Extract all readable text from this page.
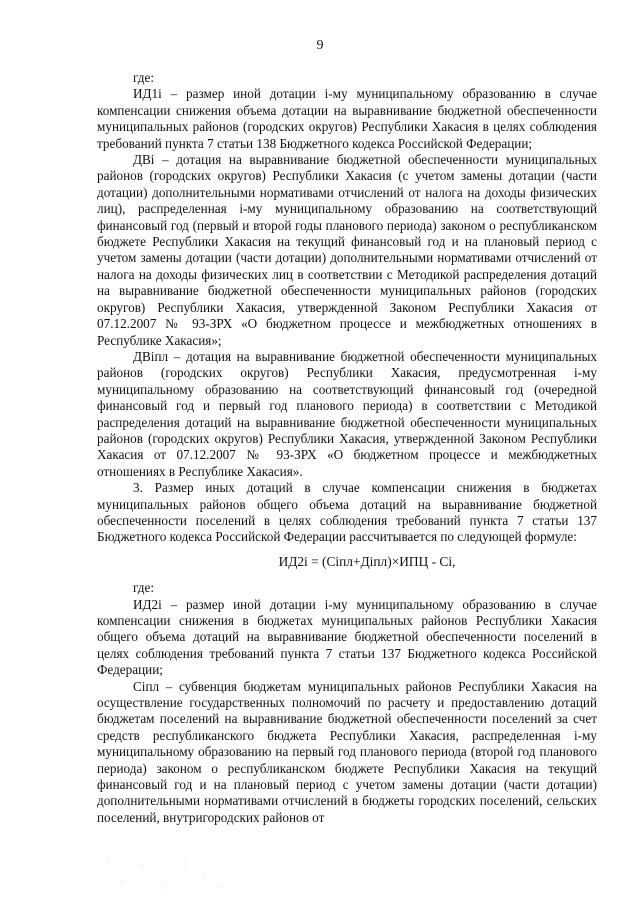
9

где:

ИД1i – размер иной дотации i-му муниципальному образованию в случае компенсации снижения объема дотации на выравнивание бюджетной обеспеченности муниципальных районов (городских округов) Республики Хакасия в целях соблюдения требований пункта 7 статьи 138 Бюджетного кодекса Российской Федерации;

ДВi – дотация на выравнивание бюджетной обеспеченности муниципальных районов (городских округов) Республики Хакасия (с учетом замены дотации (части дотации) дополнительными нормативами отчислений от налога на доходы физических лиц), распределенная i-му муниципальному образованию на соответствующий финансовый год (первый и второй годы планового периода) законом о республиканском бюджете Республики Хакасия на текущий финансовый год и на плановый период с учетом замены дотации (части дотации) дополнительными нормативами отчислений от налога на доходы физических лиц в соответствии с Методикой распределения дотаций на выравнивание бюджетной обеспеченности муниципальных районов (городских округов) Республики Хакасия, утвержденной Законом Республики Хакасия от 07.12.2007 № 93-ЗРХ «О бюджетном процессе и межбюджетных отношениях в Республике Хакасия»;

ДВiпл – дотация на выравнивание бюджетной обеспеченности муниципальных районов (городских округов) Республики Хакасия, предусмотренная i-му муниципальному образованию на соответствующий финансовый год (очередной финансовый год и первый год планового периода) в соответствии с Методикой распределения дотаций на выравнивание бюджетной обеспеченности муниципальных районов (городских округов) Республики Хакасия, утвержденной Законом Республики Хакасия от 07.12.2007 № 93-ЗРХ «О бюджетном процессе и межбюджетных отношениях в Республике Хакасия».

3. Размер иных дотаций в случае компенсации снижения в бюджетах муниципальных районов общего объема дотаций на выравнивание бюджетной обеспеченности поселений в целях соблюдения требований пункта 7 статьи 137 Бюджетного кодекса Российской Федерации рассчитывается по следующей формуле:

ИД2i = (Сiпл+Дiпл)×ИПЦ - Сi,

где:

ИД2i – размер иной дотации i-му муниципальному образованию в случае компенсации снижения в бюджетах муниципальных районов Республики Хакасия общего объема дотаций на выравнивание бюджетной обеспеченности поселений в целях соблюдения требований пункта 7 статьи 137 Бюджетного кодекса Российской Федерации;

Сiпл – субвенция бюджетам муниципальных районов Республики Хакасия на осуществление государственных полномочий по расчету и предоставлению дотаций бюджетам поселений на выравнивание бюджетной обеспеченности поселений за счет средств республиканского бюджета Республики Хакасия, распределенная i-му муниципальному образованию на первый год планового периода (второй год планового периода) законом о республиканском бюджете Республики Хакасия на текущий финансовый год и на плановый период с учетом замены дотации (части дотации) дополнительными нормативами отчислений в бюджеты городских поселений, сельских поселений, внутригородских районов от
